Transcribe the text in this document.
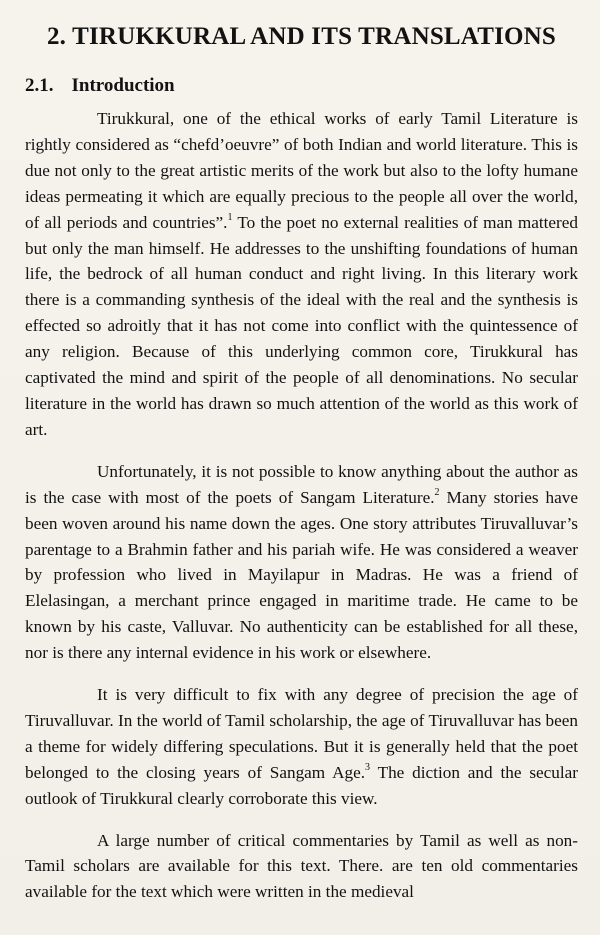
2. TIRUKKURAL AND ITS TRANSLATIONS
2.1. Introduction

Tirukkural, one of the ethical works of early Tamil Literature is rightly considered as “chefd’oeuvre” of both Indian and world literature. This is due not only to the great artistic merits of the work but also to the lofty humane ideas permeating it which are equally precious to the people all over the world, of all periods and countries”.$^1$ To the poet no external realities of man mattered but only the man himself. He addresses to the unshifting foundations of human life, the bedrock of all human conduct and right living. In this literary work there is a commanding synthesis of the ideal with the real and the synthesis is effected so adroitly that it has not come into conflict with the quintessence of any religion. Because of this underlying common core, Tirukkural has captivated the mind and spirit of the people of all denominations. No secular literature in the world has drawn so much attention of the world as this work of art.

Unfortunately, it is not possible to know anything about the author as is the case with most of the poets of Sangam Literature.$^2$ Many stories have been woven around his name down the ages. One story attributes Tiruvalluvar’s parentage to a Brahmin father and his pariah wife. He was considered a weaver by profession who lived in Mayilapur in Madras. He was a friend of Elelasingan, a merchant prince engaged in maritime trade. He came to be known by his caste, Valluvar. No authenticity can be established for all these, nor is there any internal evidence in his work or elsewhere.

It is very difficult to fix with any degree of precision the age of Tiruvalluvar. In the world of Tamil scholarship, the age of Tiruvalluvar has been a theme for widely differing speculations. But it is generally held that the poet belonged to the closing years of Sangam Age.$^3$ The diction and the secular outlook of Tirukkural clearly corroborate this view.

A large number of critical commentaries by Tamil as well as non-Tamil scholars are available for this text. There. are ten old commentaries available for the text which were written in the medieval
